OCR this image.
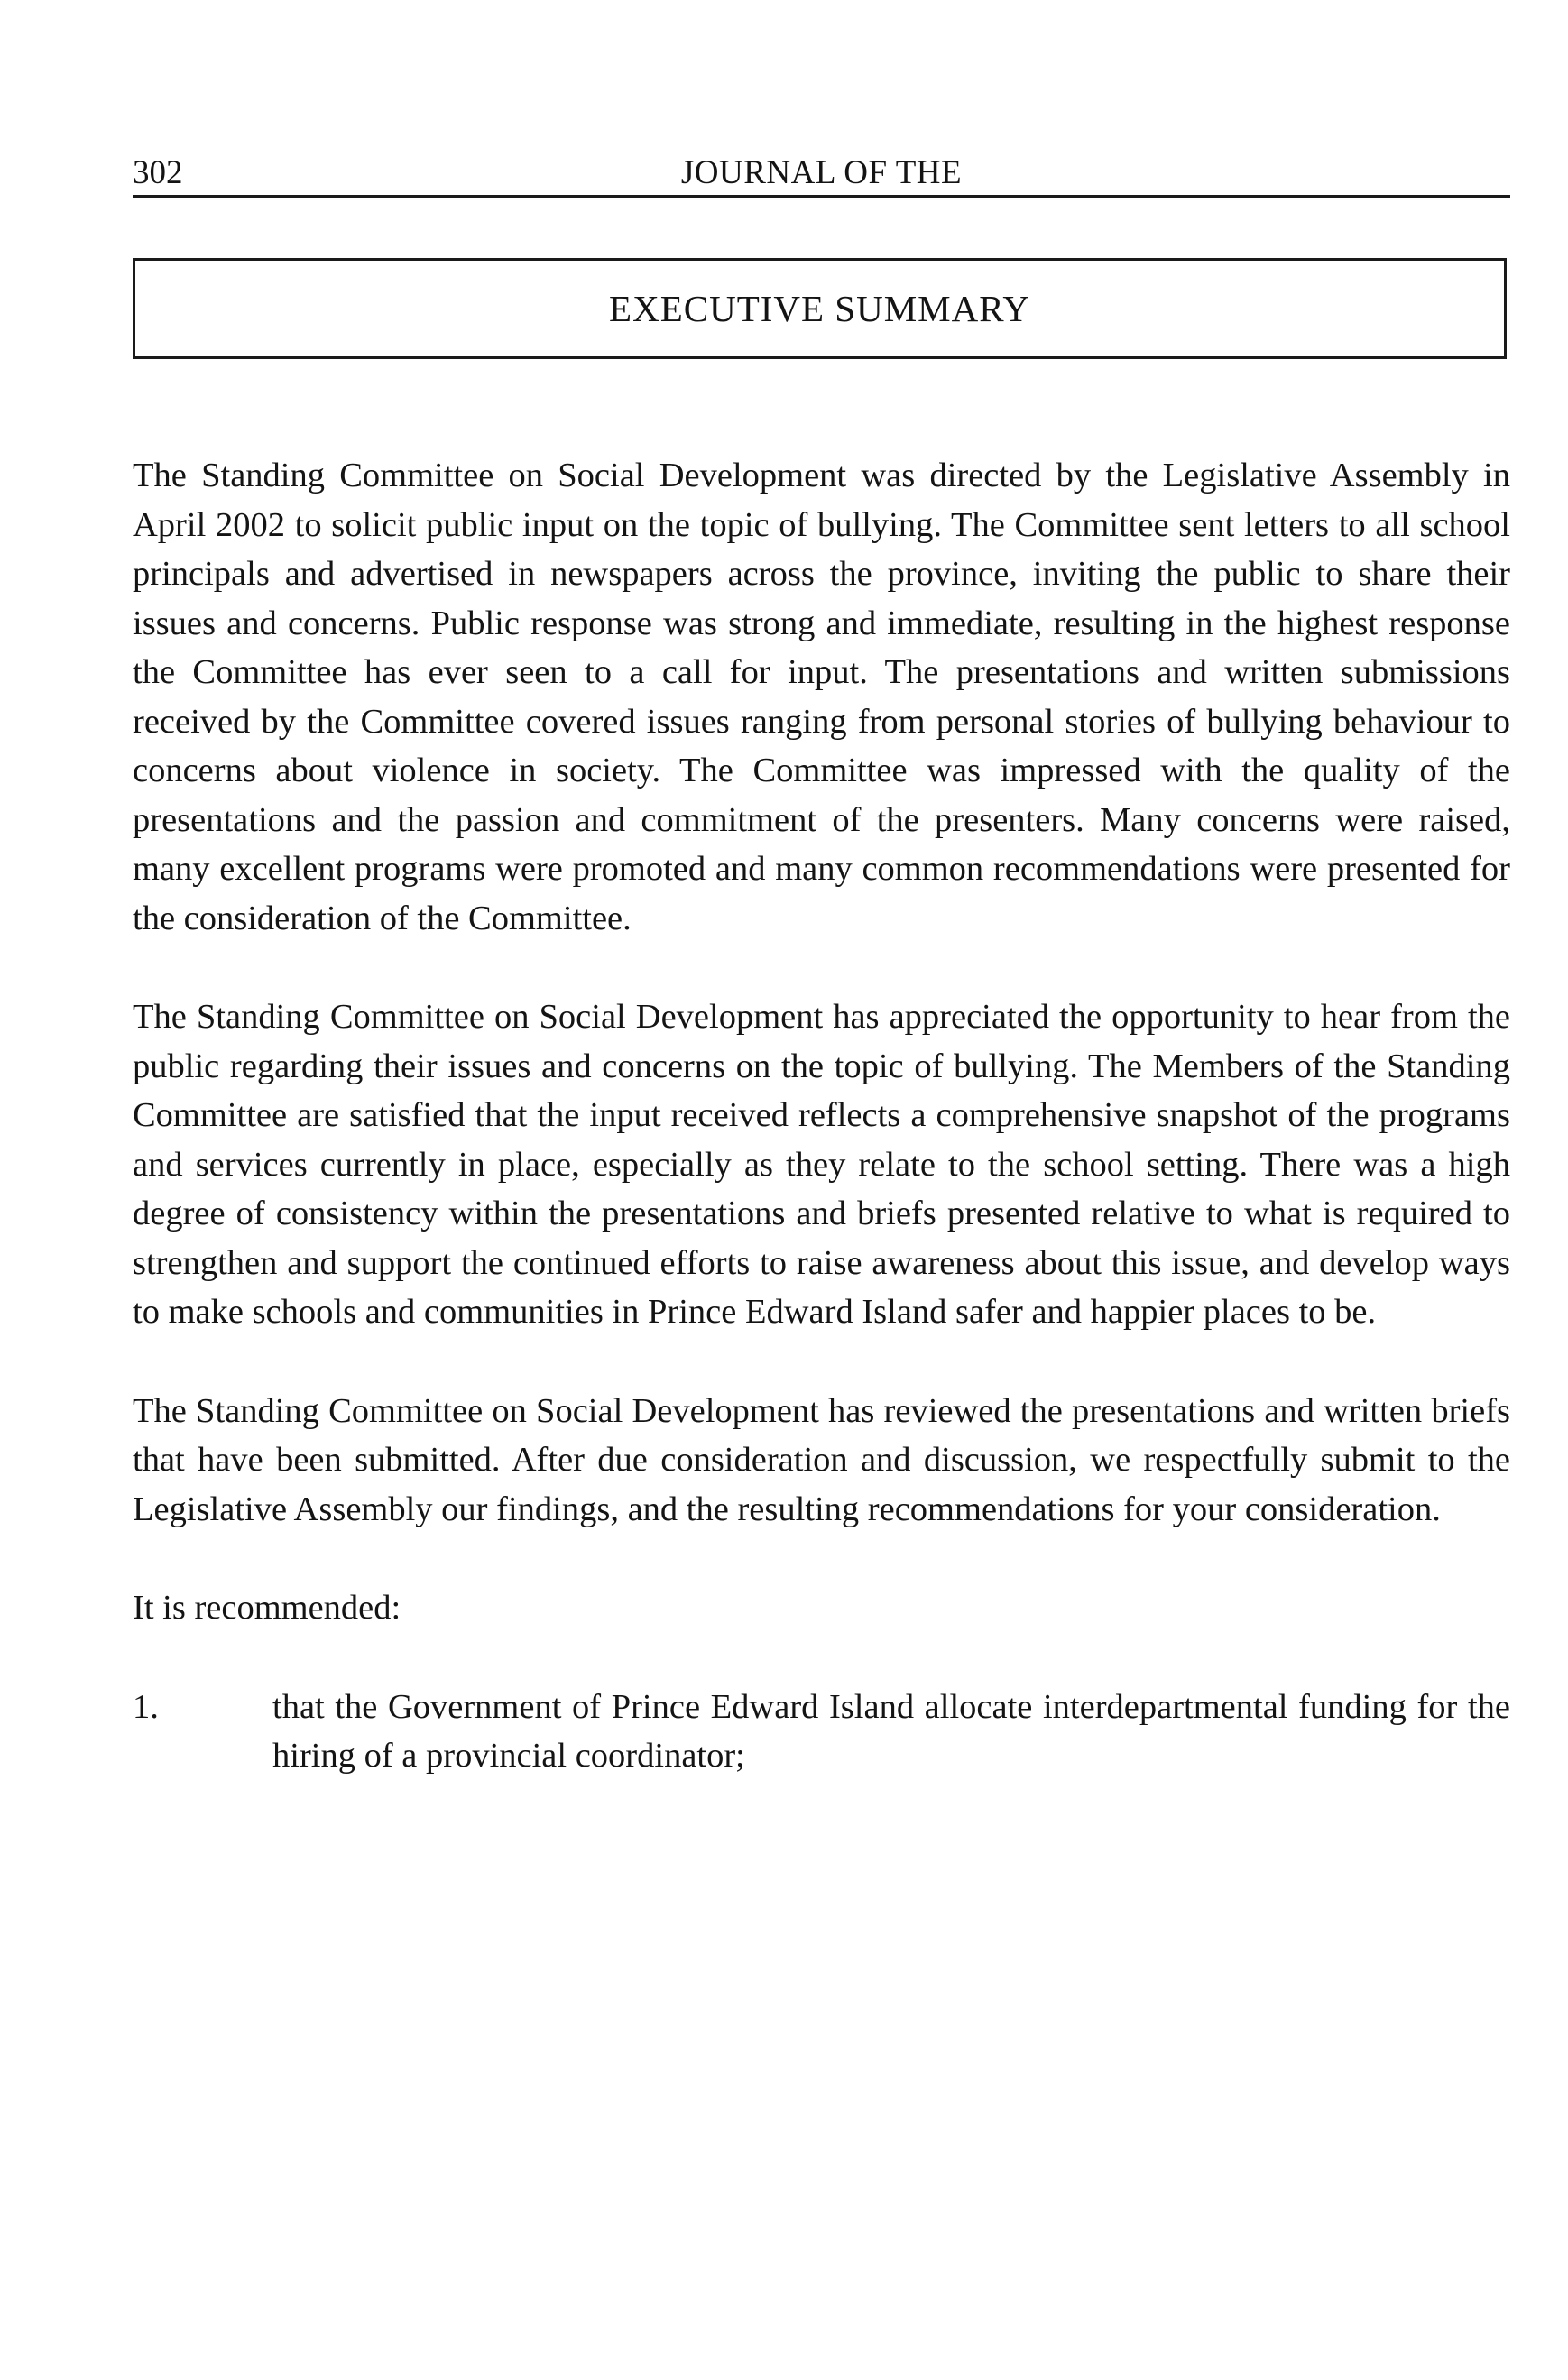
302	JOURNAL OF THE
EXECUTIVE SUMMARY

The Standing Committee on Social Development was directed by the Legislative Assembly in April 2002 to solicit public input on the topic of bullying. The Committee sent letters to all school principals and advertised in newspapers across the province, inviting the public to share their issues and concerns. Public response was strong and immediate, resulting in the highest response the Committee has ever seen to a call for input. The presentations and written submissions received by the Committee covered issues ranging from personal stories of bullying behaviour to concerns about violence in society. The Committee was impressed with the quality of the presentations and the passion and commitment of the presenters. Many concerns were raised, many excellent programs were promoted and many common recommendations were presented for the consideration of the Committee.

The Standing Committee on Social Development has appreciated the opportunity to hear from the public regarding their issues and concerns on the topic of bullying. The Members of the Standing Committee are satisfied that the input received reflects a comprehensive snapshot of the programs and services currently in place, especially as they relate to the school setting. There was a high degree of consistency within the presentations and briefs presented relative to what is required to strengthen and support the continued efforts to raise awareness about this issue, and develop ways to make schools and communities in Prince Edward Island safer and happier places to be.

The Standing Committee on Social Development has reviewed the presentations and written briefs that have been submitted. After due consideration and discussion, we respectfully submit to the Legislative Assembly our findings, and the resulting recommendations for your consideration.

It is recommended:

1.	that the Government of Prince Edward Island allocate interdepartmental funding for the hiring of a provincial coordinator;
